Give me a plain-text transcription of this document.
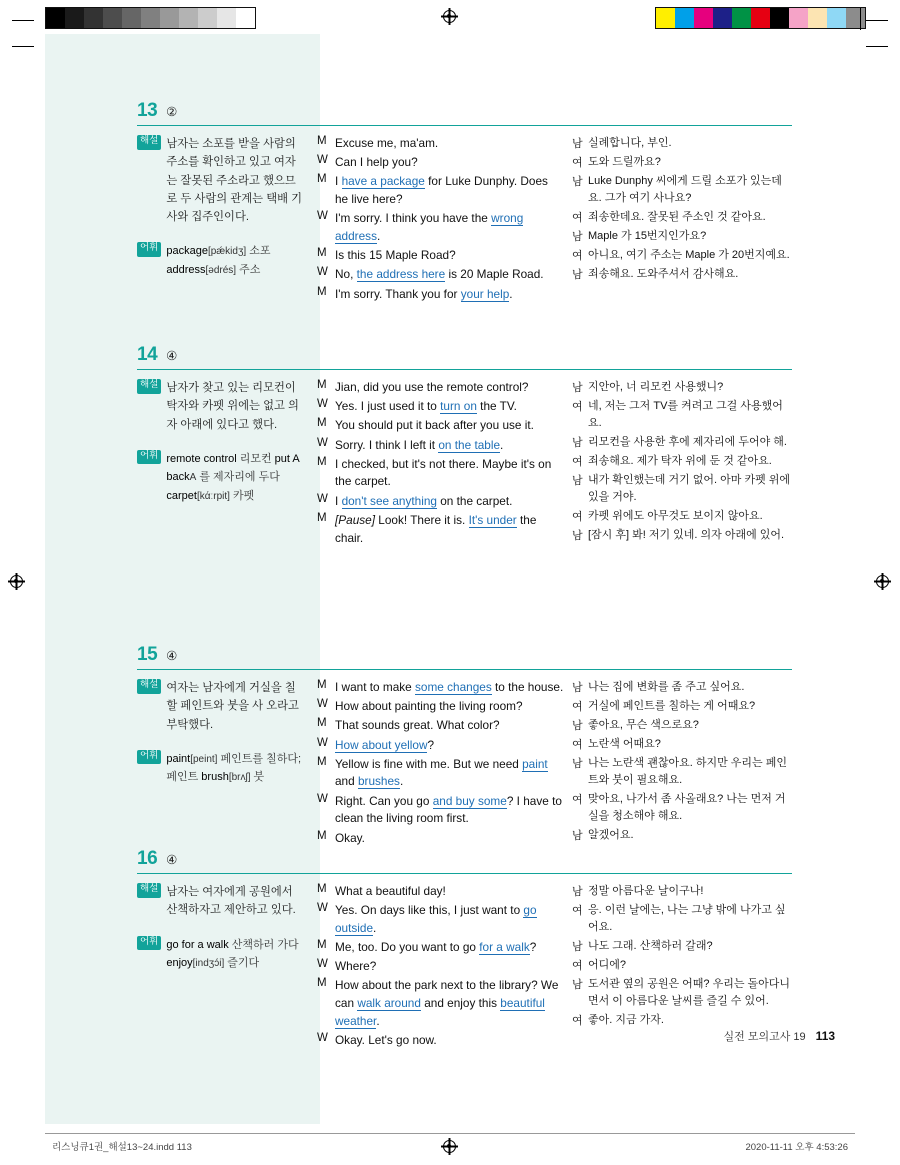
13 ②
해설 남자는 소포를 받을 사람의 주소를 확인하고 있고 여자는 잘못된 주소라고 했으므로 두 사람의 관계는 택배 기사와 집주인이다.
어휘 package[pǽkidʒ] 소포 address[ədrés] 주소
M Excuse me, ma'am.
W Can I help you?
M I have a package for Luke Dunphy. Does he live here?
W I'm sorry. I think you have the wrong address.
M Is this 15 Maple Road?
W No, the address here is 20 Maple Road.
M I'm sorry. Thank you for your help.
남 실례합니다, 부인.
여 도와 드릴까요?
남 Luke Dunphy 씨에게 드릴 소포가 있는데요. 그가 여기 사나요?
여 죄송한데요. 잘못된 주소인 것 같아요.
남 Maple 가 15번지인가요?
여 아니요, 여기 주소는 Maple 가 20번지예요.
남 죄송해요. 도와주셔서 감사해요.
14 ④
해설 남자가 찾고 있는 리모컨이 탁자와 카펫 위에는 없고 의자 아래에 있다고 했다.
어휘 remote control 리모컨 put A backA 를 제자리에 두다 carpet[kάːrpit] 카펫
M Jian, did you use the remote control?
W Yes. I just used it to turn on the TV.
M You should put it back after you use it.
W Sorry. I think I left it on the table.
M I checked, but it's not there. Maybe it's on the carpet.
W I don't see anything on the carpet.
M [Pause] Look! There it is. It's under the chair.
남 지안아, 너 리모컨 사용했니?
여 네, 저는 그저 TV를 켜려고 그걸 사용했어요.
남 리모컨을 사용한 후에 제자리에 두어야 해.
여 죄송해요. 제가 탁자 위에 둔 것 같아요.
남 내가 확인했는데 거기 없어. 아마 카펫 위에 있을 거야.
여 카펫 위에도 아무것도 보이지 않아요.
남 [잠시 후] 봐! 저기 있네. 의자 아래에 있어.
15 ④
해설 여자는 남자에게 거실을 칠할 페인트와 붓을 사 오라고 부탁했다.
어휘 paint[peint] 페인트를 칠하다; 페인트 brush[brʌʃ] 붓
M I want to make some changes to the house.
W How about painting the living room?
M That sounds great. What color?
W How about yellow?
M Yellow is fine with me. But we need paint and brushes.
W Right. Can you go and buy some? I have to clean the living room first.
M Okay.
남 나는 집에 변화를 좀 주고 싶어요.
여 거실에 페인트를 칠하는 게 어때요?
남 좋아요, 무슨 색으로요?
여 노란색 어때요?
남 나는 노란색 괜찮아요. 하지만 우리는 페인트와 붓이 필요해요.
여 맞아요, 나가서 좀 사올래요? 나는 먼저 거실을 청소해야 해요.
남 알겠어요.
16 ④
해설 남자는 여자에게 공원에서 산책하자고 제안하고 있다.
어휘 go for a walk 산책하러 가다 enjoy[indʒɔ́i] 즐기다
M What a beautiful day!
W Yes. On days like this, I just want to go outside.
M Me, too. Do you want to go for a walk?
W Where?
M How about the park next to the library? We can walk around and enjoy this beautiful weather.
W Okay. Let's go now.
남 정말 아름다운 날이구나!
여 응. 이런 날에는, 나는 그냥 밖에 나가고 싶어요.
남 나도 그래. 산책하러 갈래?
여 어디에?
남 도서관 옆의 공원은 어때? 우리는 돌아다니면서 이 아름다운 날씨를 즐길 수 있어.
여 좋아. 지금 가자.
실전 모의고사 19 113
리스닝큐1권_해설13~24.indd 113	2020-11-11 오후 4:53:26
